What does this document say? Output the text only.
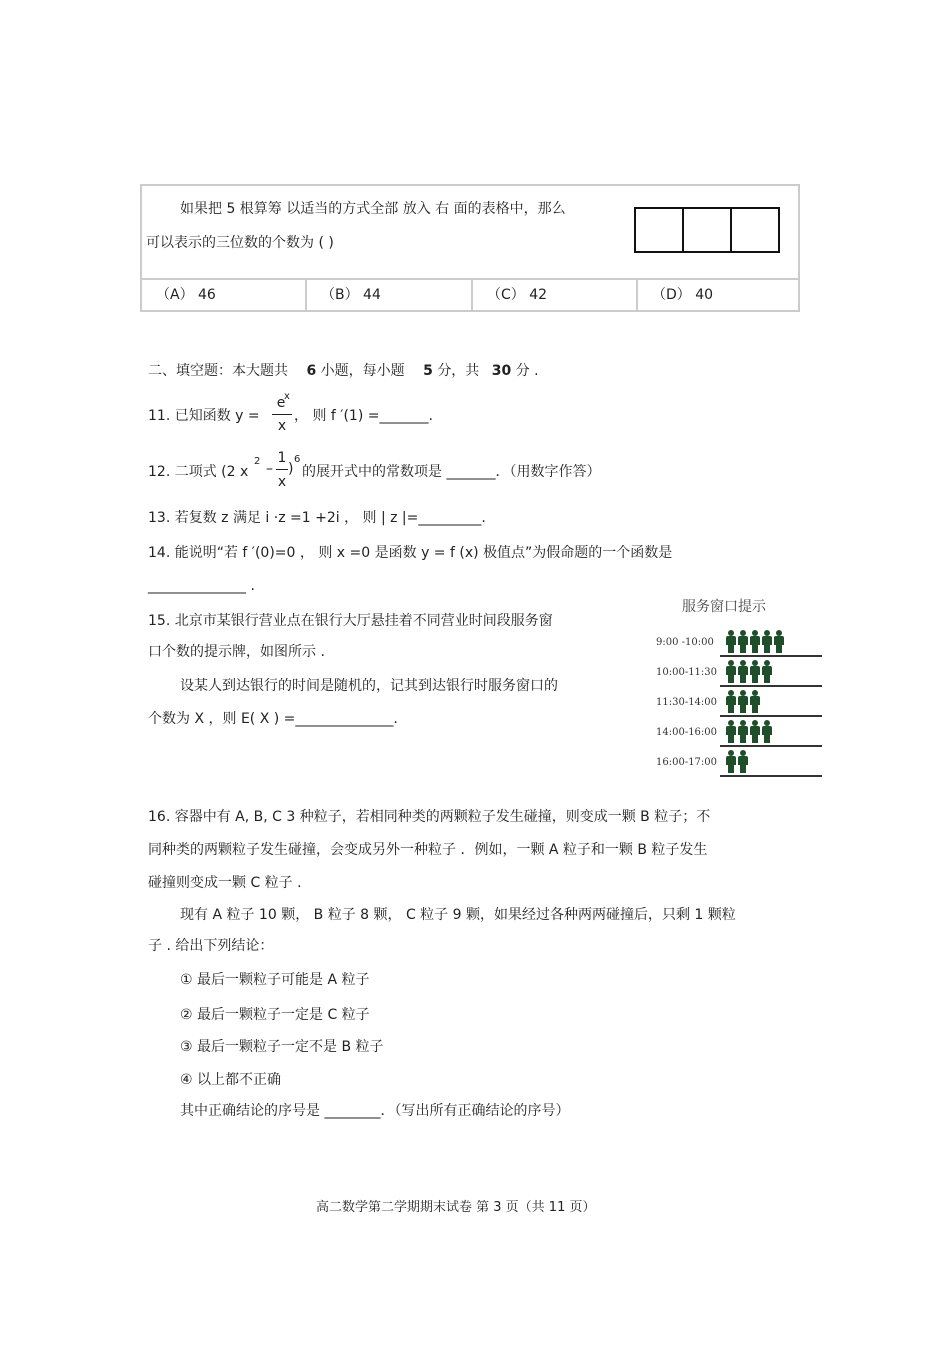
如果把 5 根算筹 以适当的方式全部 放入 右 面的表格中，那么
可以表示的三位数的个数为 ( )
（A） 46	（B） 44	（C） 42	（D） 40
二、填空题：本大题共 6 小题，每小题 5 分，共 30 分 .
11. 已知函数 y =
e
x
x
， 则 f ′(1) =_______.
12. 二项式 (2 x
2 –
1
x
)
6
的展开式中的常数项是 _______．（用数字作答）
13. 若复数 z 满足 i ·z =1 +2i ， 则 | z |=_________.
14. 能说明“若 f ′(0)=0 ， 则 x =0 是函数 y = f (x) 极值点”为假命题的一个函数是
______________ .
15. 北京市某银行营业点在银行大厅悬挂着不同营业时间段服务窗
口个数的提示牌，如图所示 .
设某人到达银行的时间是随机的，记其到达银行时服务窗口的
个数为 X ，则 E( X ) =______________.
服务窗口提示
9:00 -10:00
10:00-11:30
11:30-14:00
14:00-16:00
16:00-17:00
16. 容器中有 A, B, C 3 种粒子，若相同种类的两颗粒子发生碰撞，则变成一颗 B 粒子；不
同种类的两颗粒子发生碰撞，会变成另外一种粒子 ．例如，一颗 A 粒子和一颗 B 粒子发生
碰撞则变成一颗 C 粒子 .
现有 A 粒子 10 颗， B 粒子 8 颗， C 粒子 9 颗，如果经过各种两两碰撞后，只剩 1 颗粒
子 . 给出下列结论：
① 最后一颗粒子可能是 A 粒子
② 最后一颗粒子一定是 C 粒子
③ 最后一颗粒子一定不是 B 粒子
④ 以上都不正确
其中正确结论的序号是 ________．（写出所有正确结论的序号）
高二数学第二学期期末试卷 第 3 页（共 11 页）
